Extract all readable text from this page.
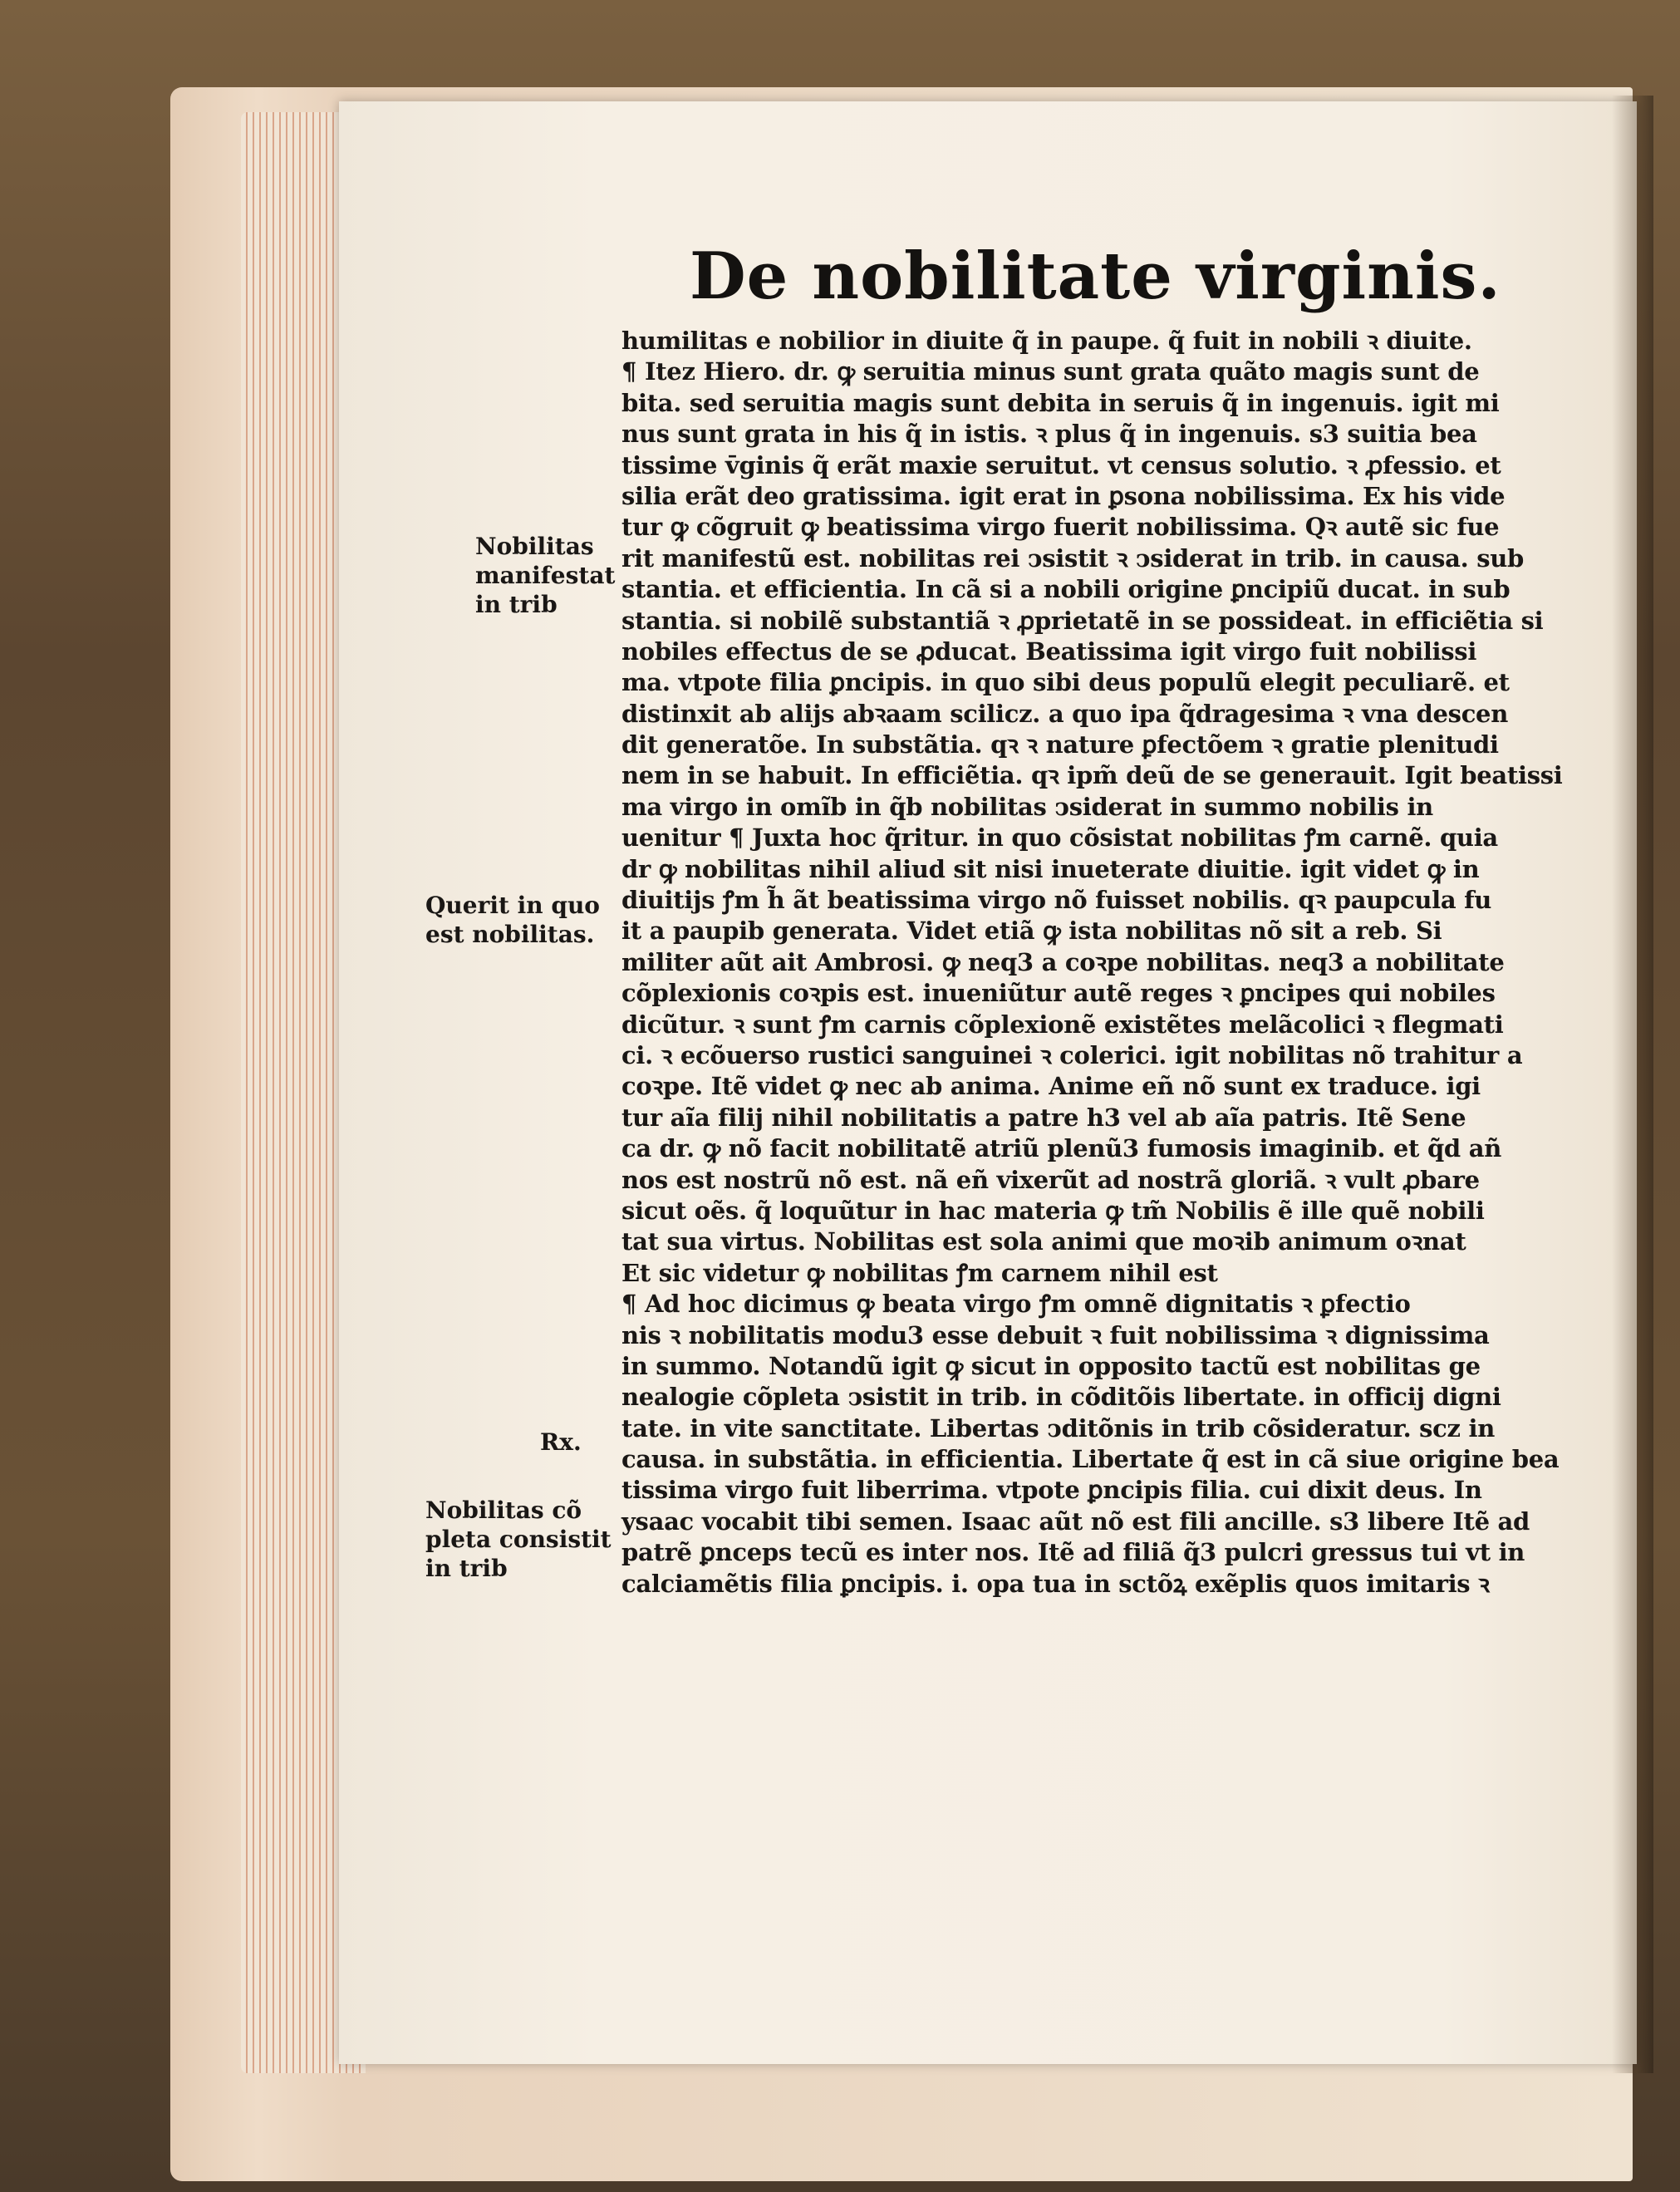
De nobilitate virginis.
humilitas e nobilior in diuite q̃ in paupe. q̃ fuit in nobili ꝛ diuite.
¶ Itez Hiero. dr. ꝙ seruitia minus sunt grata quãto magis sunt de
bita. sed seruitia magis sunt debita in seruis q̃ in ingenuis. igit mi
nus sunt grata in his q̃ in istis. ꝛ plus q̃ in ingenuis. s3 suitia bea
tissime v̄ginis q̃ erãt maxie seruitut. vt census solutio. ꝛ ꝓfessio. et
silia erãt deo gratissima. igit erat in ꝑsona nobilissima. Ex his vide
tur ꝙ cõgruit ꝙ beatissima virgo fuerit nobilissima. Qꝛ autẽ sic fue
rit manifestũ est. nobilitas rei ↄsistit ꝛ ↄsiderat in trib. in causa. sub
stantia. et efficientia. In cã si a nobili origine ꝑncipiũ ducat. in sub
stantia. si nobilẽ substantiã ꝛ ꝓprietatẽ in se possideat. in efficiẽtia si
nobiles effectus de se ꝓducat. Beatissima igit virgo fuit nobilissi
ma. vtpote filia ꝑncipis. in quo sibi deus populũ elegit peculiarẽ. et
distinxit ab alijs abꝛaam scilicz. a quo ipa q̃dragesima ꝛ vna descen
dit generatõe. In substãtia. qꝛ ꝛ nature ꝑfectõem ꝛ gratie plenitudi
nem in se habuit. In efficiẽtia. qꝛ ipm̃ deũ de se generauit. Igit beatissi
ma virgo in omĩb in q̃b nobilitas ↄsiderat in summo nobilis in
uenitur ¶ Juxta hoc q̃ritur. in quo cõsistat nobilitas ꝭm carnẽ. quia
dr ꝙ nobilitas nihil aliud sit nisi inueterate diuitie. igit videt ꝙ in
diuitijs ꝭm h̃ ãt beatissima virgo nõ fuisset nobilis. qꝛ paupcula fu
it a paupib generata. Videt etiã ꝙ ista nobilitas nõ sit a reb. Si
militer aũt ait Ambrosi. ꝙ neq3 a coꝛpe nobilitas. neq3 a nobilitate
cõplexionis coꝛpis est. inueniũtur autẽ reges ꝛ ꝑncipes qui nobiles
dicũtur. ꝛ sunt ꝭm carnis cõplexionẽ existẽtes melãcolici ꝛ flegmati
ci. ꝛ ecõuerso rustici sanguinei ꝛ colerici. igit nobilitas nõ trahitur a
coꝛpe. Itẽ videt ꝙ nec ab anima. Anime eñ nõ sunt ex traduce. igi
tur aĩa filij nihil nobilitatis a patre h3 vel ab aĩa patris. Itẽ Sene
ca dr. ꝙ nõ facit nobilitatẽ atriũ plenũ3 fumosis imaginib. et q̃d añ
nos est nostrũ nõ est. nã eñ vixerũt ad nostrã gloriã. ꝛ vult ꝓbare
sicut oẽs. q̃ loquũtur in hac materia ꝙ tm̃ Nobilis ẽ ille quẽ nobili
tat sua virtus. Nobilitas est sola animi que moꝛib animum oꝛnat
Et sic videtur ꝙ nobilitas ꝭm carnem nihil est
¶ Ad hoc dicimus ꝙ beata virgo ꝭm omnẽ dignitatis ꝛ ꝑfectio
nis ꝛ nobilitatis modu3 esse debuit ꝛ fuit nobilissima ꝛ dignissima
in summo. Notandũ igit ꝙ sicut in opposito tactũ est nobilitas ge
nealogie cõpleta ↄsistit in trib. in cõditõis libertate. in officij digni
tate. in vite sanctitate. Libertas ↄditõnis in trib cõsideratur. scz in
causa. in substãtia. in efficientia. Libertate q̃ est in cã siue origine bea
tissima virgo fuit liberrima. vtpote ꝑncipis filia. cui dixit deus. In
ysaac vocabit tibi semen. Isaac aũt nõ est fili ancille. s3 libere Itẽ ad
patrẽ ꝑnceps tecũ es inter nos. Itẽ ad filiã q̃3 pulcri gressus tui vt in
calciamẽtis filia ꝑncipis. i. opa tua in sctõꝝ exẽplis quos imitaris ꝛ
Nobilitas
manifestat
in trib
Querit in quo
est nobilitas.
Rx.
Nobilitas cõ
pleta consistit
in trib
